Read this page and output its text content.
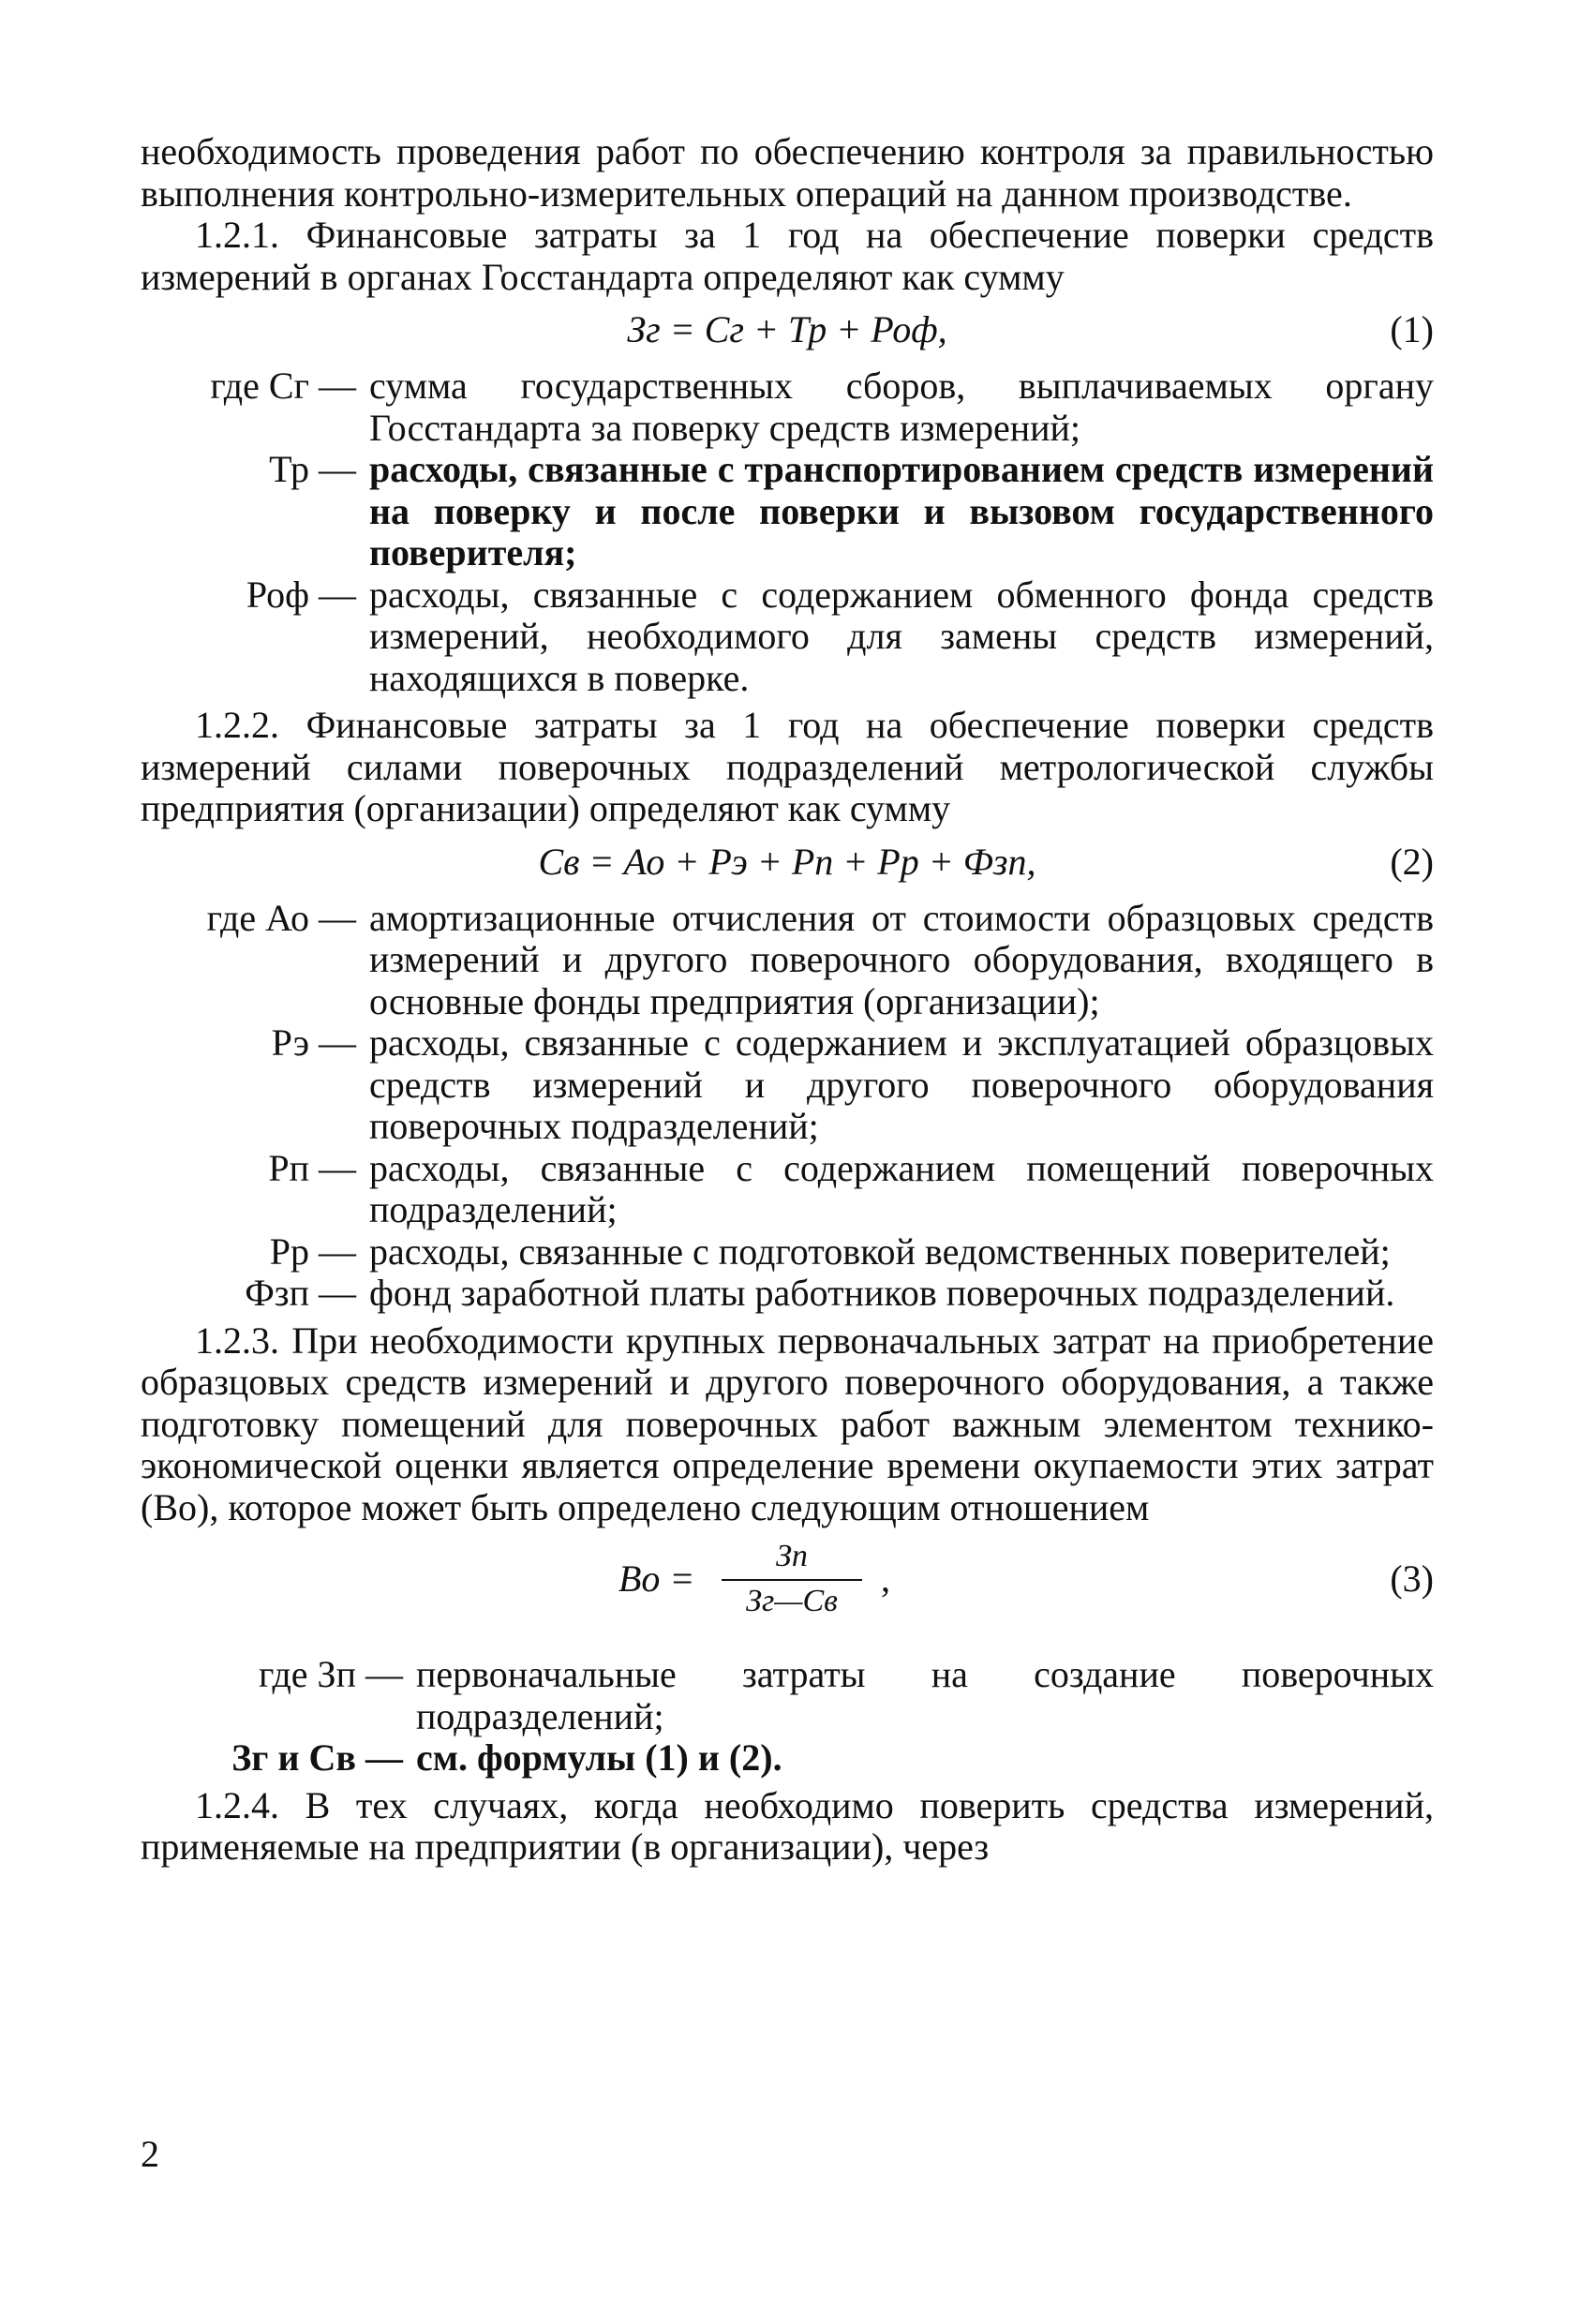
необходимость проведения работ по обеспечению контроля за правильностью выполнения контрольно-измерительных операций на данном производстве.

1.2.1. Финансовые затраты за 1 год на обеспечение поверки средств измерений в органах Госстандарта определяют как сумму

Зг = Сг + Тр + Роф,	(1)
где Сг — сумма государственных сборов, выплачиваемых органу Госстандарта за поверку средств измерений;
Тр — расходы, связанные с транспортированием средств измерений на поверку и после поверки и вызовом государственного поверителя;
Роф — расходы, связанные с содержанием обменного фонда средств измерений, необходимого для замены средств измерений, находящихся в поверке.

1.2.2. Финансовые затраты за 1 год на обеспечение поверки средств измерений силами поверочных подразделений метрологической службы предприятия (организации) определяют как сумму

Св = Ао + Рэ + Рп + Рр + Фзп,	(2)
где Ао — амортизационные отчисления от стоимости образцовых средств измерений и другого поверочного оборудования, входящего в основные фонды предприятия (организации);
Рэ — расходы, связанные с содержанием и эксплуатацией образцовых средств измерений и другого поверочного оборудования поверочных подразделений;
Рп — расходы, связанные с содержанием помещений поверочных подразделений;
Рр — расходы, связанные с подготовкой ведомственных поверителей;
Фзп — фонд заработной платы работников поверочных подразделений.

1.2.3. При необходимости крупных первоначальных затрат на приобретение образцовых средств измерений и другого поверочного оборудования, а также подготовку помещений для поверочных работ важным элементом технико-экономической оценки является определение времени окупаемости этих затрат (Во), которое может быть определено следующим отношением

Во =
Зп
Зг—Св
,	(3)
где Зп — первоначальные затраты на создание поверочных подразделений;
Зг и Св — см. формулы (1) и (2).

1.2.4. В тех случаях, когда необходимо поверить средства измерений, применяемые на предприятии (в организации), через

2
